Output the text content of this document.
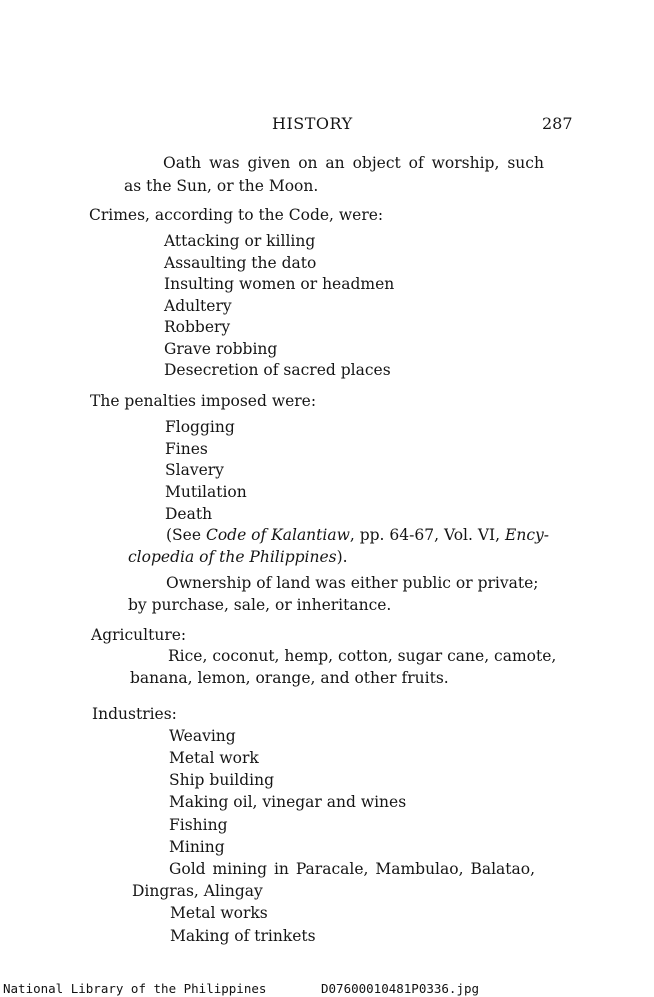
HISTORY	287
Oath was given on an object of worship, such
as the Sun, or the Moon.
Crimes, according to the Code, were:
Attacking or killing
Assaulting the dato
Insulting women or headmen
Adultery
Robbery
Grave robbing
Desecretion of sacred places
The penalties imposed were:
Flogging
Fines
Slavery
Mutilation
Death
(See Code of Kalantiaw, pp. 64-67, Vol. VI, Ency-
clopedia of the Philippines).
Ownership of land was either public or private;
by purchase, sale, or inheritance.
Agriculture:
Rice, coconut, hemp, cotton, sugar cane, camote,
banana, lemon, orange, and other fruits.
Industries:
Weaving
Metal work
Ship building
Making oil, vinegar and wines
Fishing
Mining
Gold mining in Paracale, Mambulao, Balatao,
Dingras, Alingay
Metal works
Making of trinkets
National Library of the Philippines	D07600010481P0336.jpg
